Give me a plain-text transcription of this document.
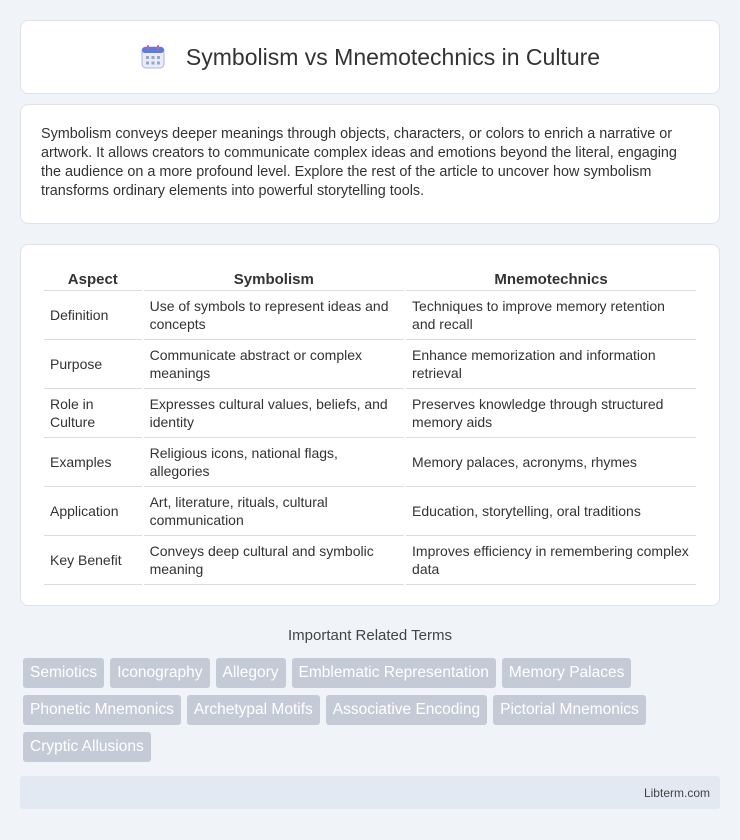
Symbolism vs Mnemotechnics in Culture

Symbolism conveys deeper meanings through objects, characters, or colors to enrich a narrative or artwork. It allows creators to communicate complex ideas and emotions beyond the literal, engaging the audience on a more profound level. Explore the rest of the article to uncover how symbolism transforms ordinary elements into powerful storytelling tools.

Aspect	Symbolism	Mnemotechnics
Definition	Use of symbols to represent ideas and concepts	Techniques to improve memory retention and recall
Purpose	Communicate abstract or complex meanings	Enhance memorization and information retrieval
Role in Culture	Expresses cultural values, beliefs, and identity	Preserves knowledge through structured memory aids
Examples	Religious icons, national flags, allegories	Memory palaces, acronyms, rhymes
Application	Art, literature, rituals, cultural communication	Education, storytelling, oral traditions
Key Benefit	Conveys deep cultural and symbolic meaning	Improves efficiency in remembering complex data
Important Related Terms
Semiotics	Iconography	Allegory	Emblematic Representation	Memory Palaces
Phonetic Mnemonics	Archetypal Motifs	Associative Encoding	Pictorial Mnemonics
Cryptic Allusions
Libterm.com
